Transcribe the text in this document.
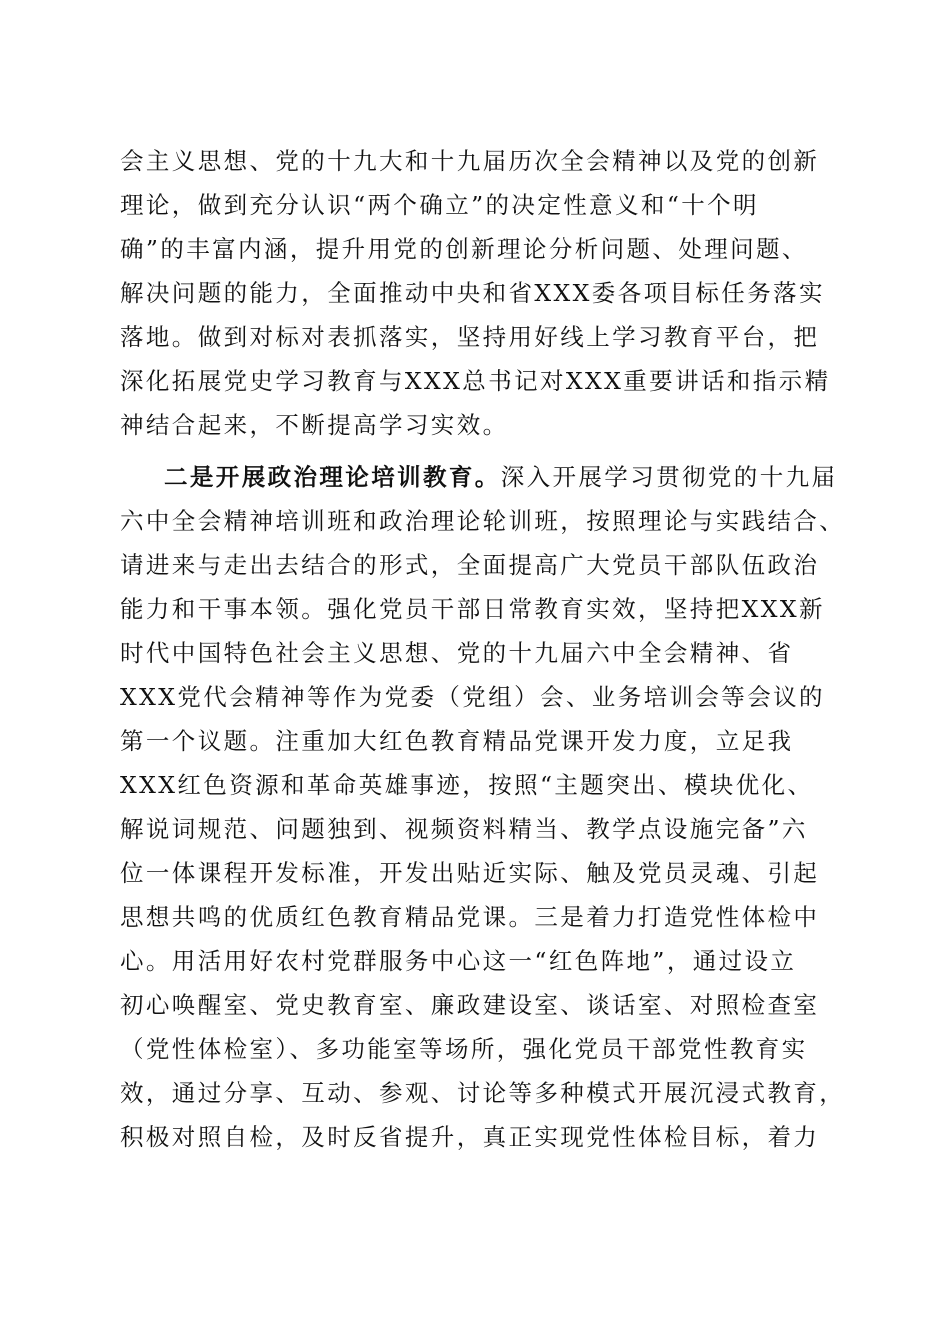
会主义思想、党的十九大和十九届历次全会精神以及党的创新
理论，做到充分认识“两个确立”的决定性意义和“十个明
确”的丰富内涵，提升用党的创新理论分析问题、处理问题、
解决问题的能力，全面推动中央和省XXX委各项目标任务落实
落地。做到对标对表抓落实，坚持用好线上学习教育平台，把
深化拓展党史学习教育与XXX总书记对XXX重要讲话和指示精
神结合起来，不断提高学习实效。
二是开展政治理论培训教育。深入开展学习贯彻党的十九届
六中全会精神培训班和政治理论轮训班，按照理论与实践结合、
请进来与走出去结合的形式，全面提高广大党员干部队伍政治
能力和干事本领。强化党员干部日常教育实效，坚持把XXX新
时代中国特色社会主义思想、党的十九届六中全会精神、省
XXX党代会精神等作为党委（党组）会、业务培训会等会议的
第一个议题。注重加大红色教育精品党课开发力度，立足我
XXX红色资源和革命英雄事迹，按照“主题突出、模块优化、
解说词规范、问题独到、视频资料精当、教学点设施完备”六
位一体课程开发标准，开发出贴近实际、触及党员灵魂、引起
思想共鸣的优质红色教育精品党课。三是着力打造党性体检中
心。用活用好农村党群服务中心这一“红色阵地”，通过设立
初心唤醒室、党史教育室、廉政建设室、谈话室、对照检查室
（党性体检室）、多功能室等场所，强化党员干部党性教育实
效，通过分享、互动、参观、讨论等多种模式开展沉浸式教育，
积极对照自检，及时反省提升，真正实现党性体检目标，着力
